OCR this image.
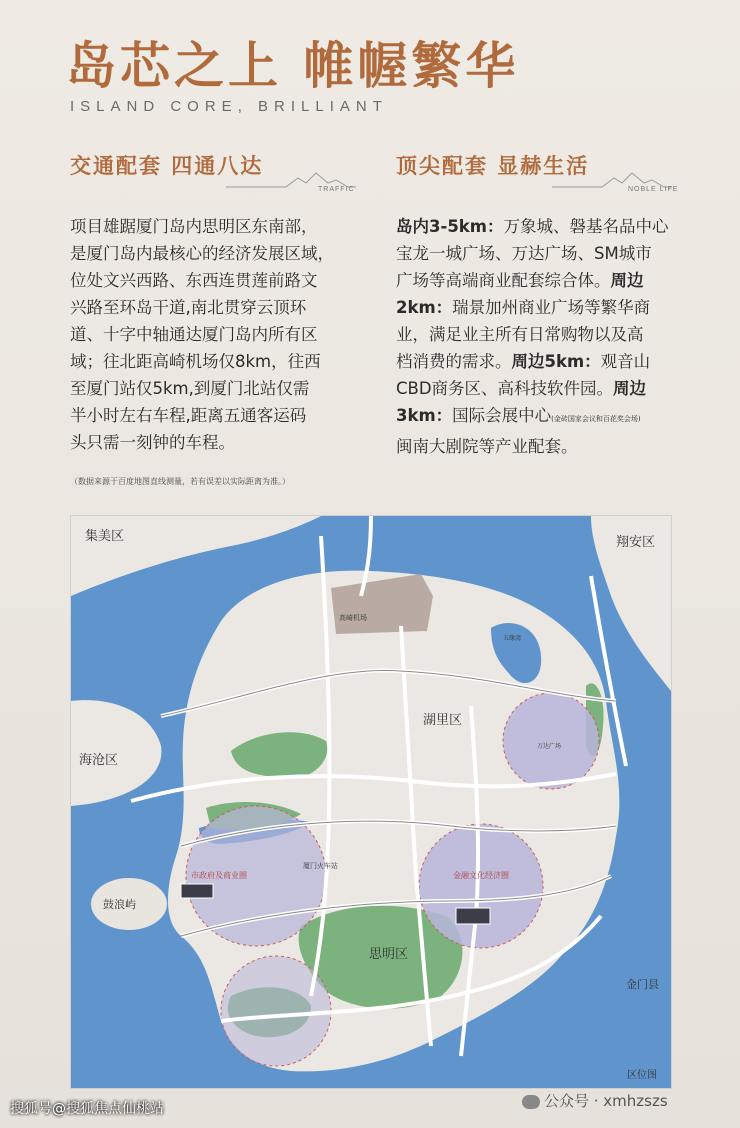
岛芯之上 帷幄繁华
ISLAND CORE, BRILLIANT
交通配套 四通八达
TRAFFIC
项目雄踞厦门岛内思明区东南部，
是厦门岛内最核心的经济发展区域，
位处文兴西路、东西连贯莲前路文
兴路至环岛干道,南北贯穿云顶环
道、十字中轴通达厦门岛内所有区
域；往北距高崎机场仅8km，往西
至厦门站仅5km,到厦门北站仅需
半小时左右车程,距离五通客运码
头只需一刻钟的车程。
（数据来源于百度地图直线测量，若有误差以实际距离为准。）
顶尖配套 显赫生活
NOBLE LIFE
岛内3-5km：万象城、磐基名品中心
宝龙一城广场、万达广场、SM城市
广场等高端商业配套综合体。周边
2km：瑞景加州商业广场等繁华商
业，满足业主所有日常购物以及高
档消费的需求。周边5km：观音山
CBD商务区、高科技软件园。周边
3km：国际会展中心(金砖国家会议和百花奖会场)
闽南大剧院等产业配套。
集美区	翔安区
海沧区
湖里区
思明区
鼓浪屿
金门县
高崎机场
厦门火车站
市政府及商业圈	金融文化经济圈
五缘湾
万达广场
区位图
搜狐号@搜狐焦点仙桃站	公众号 · xmhzszs
